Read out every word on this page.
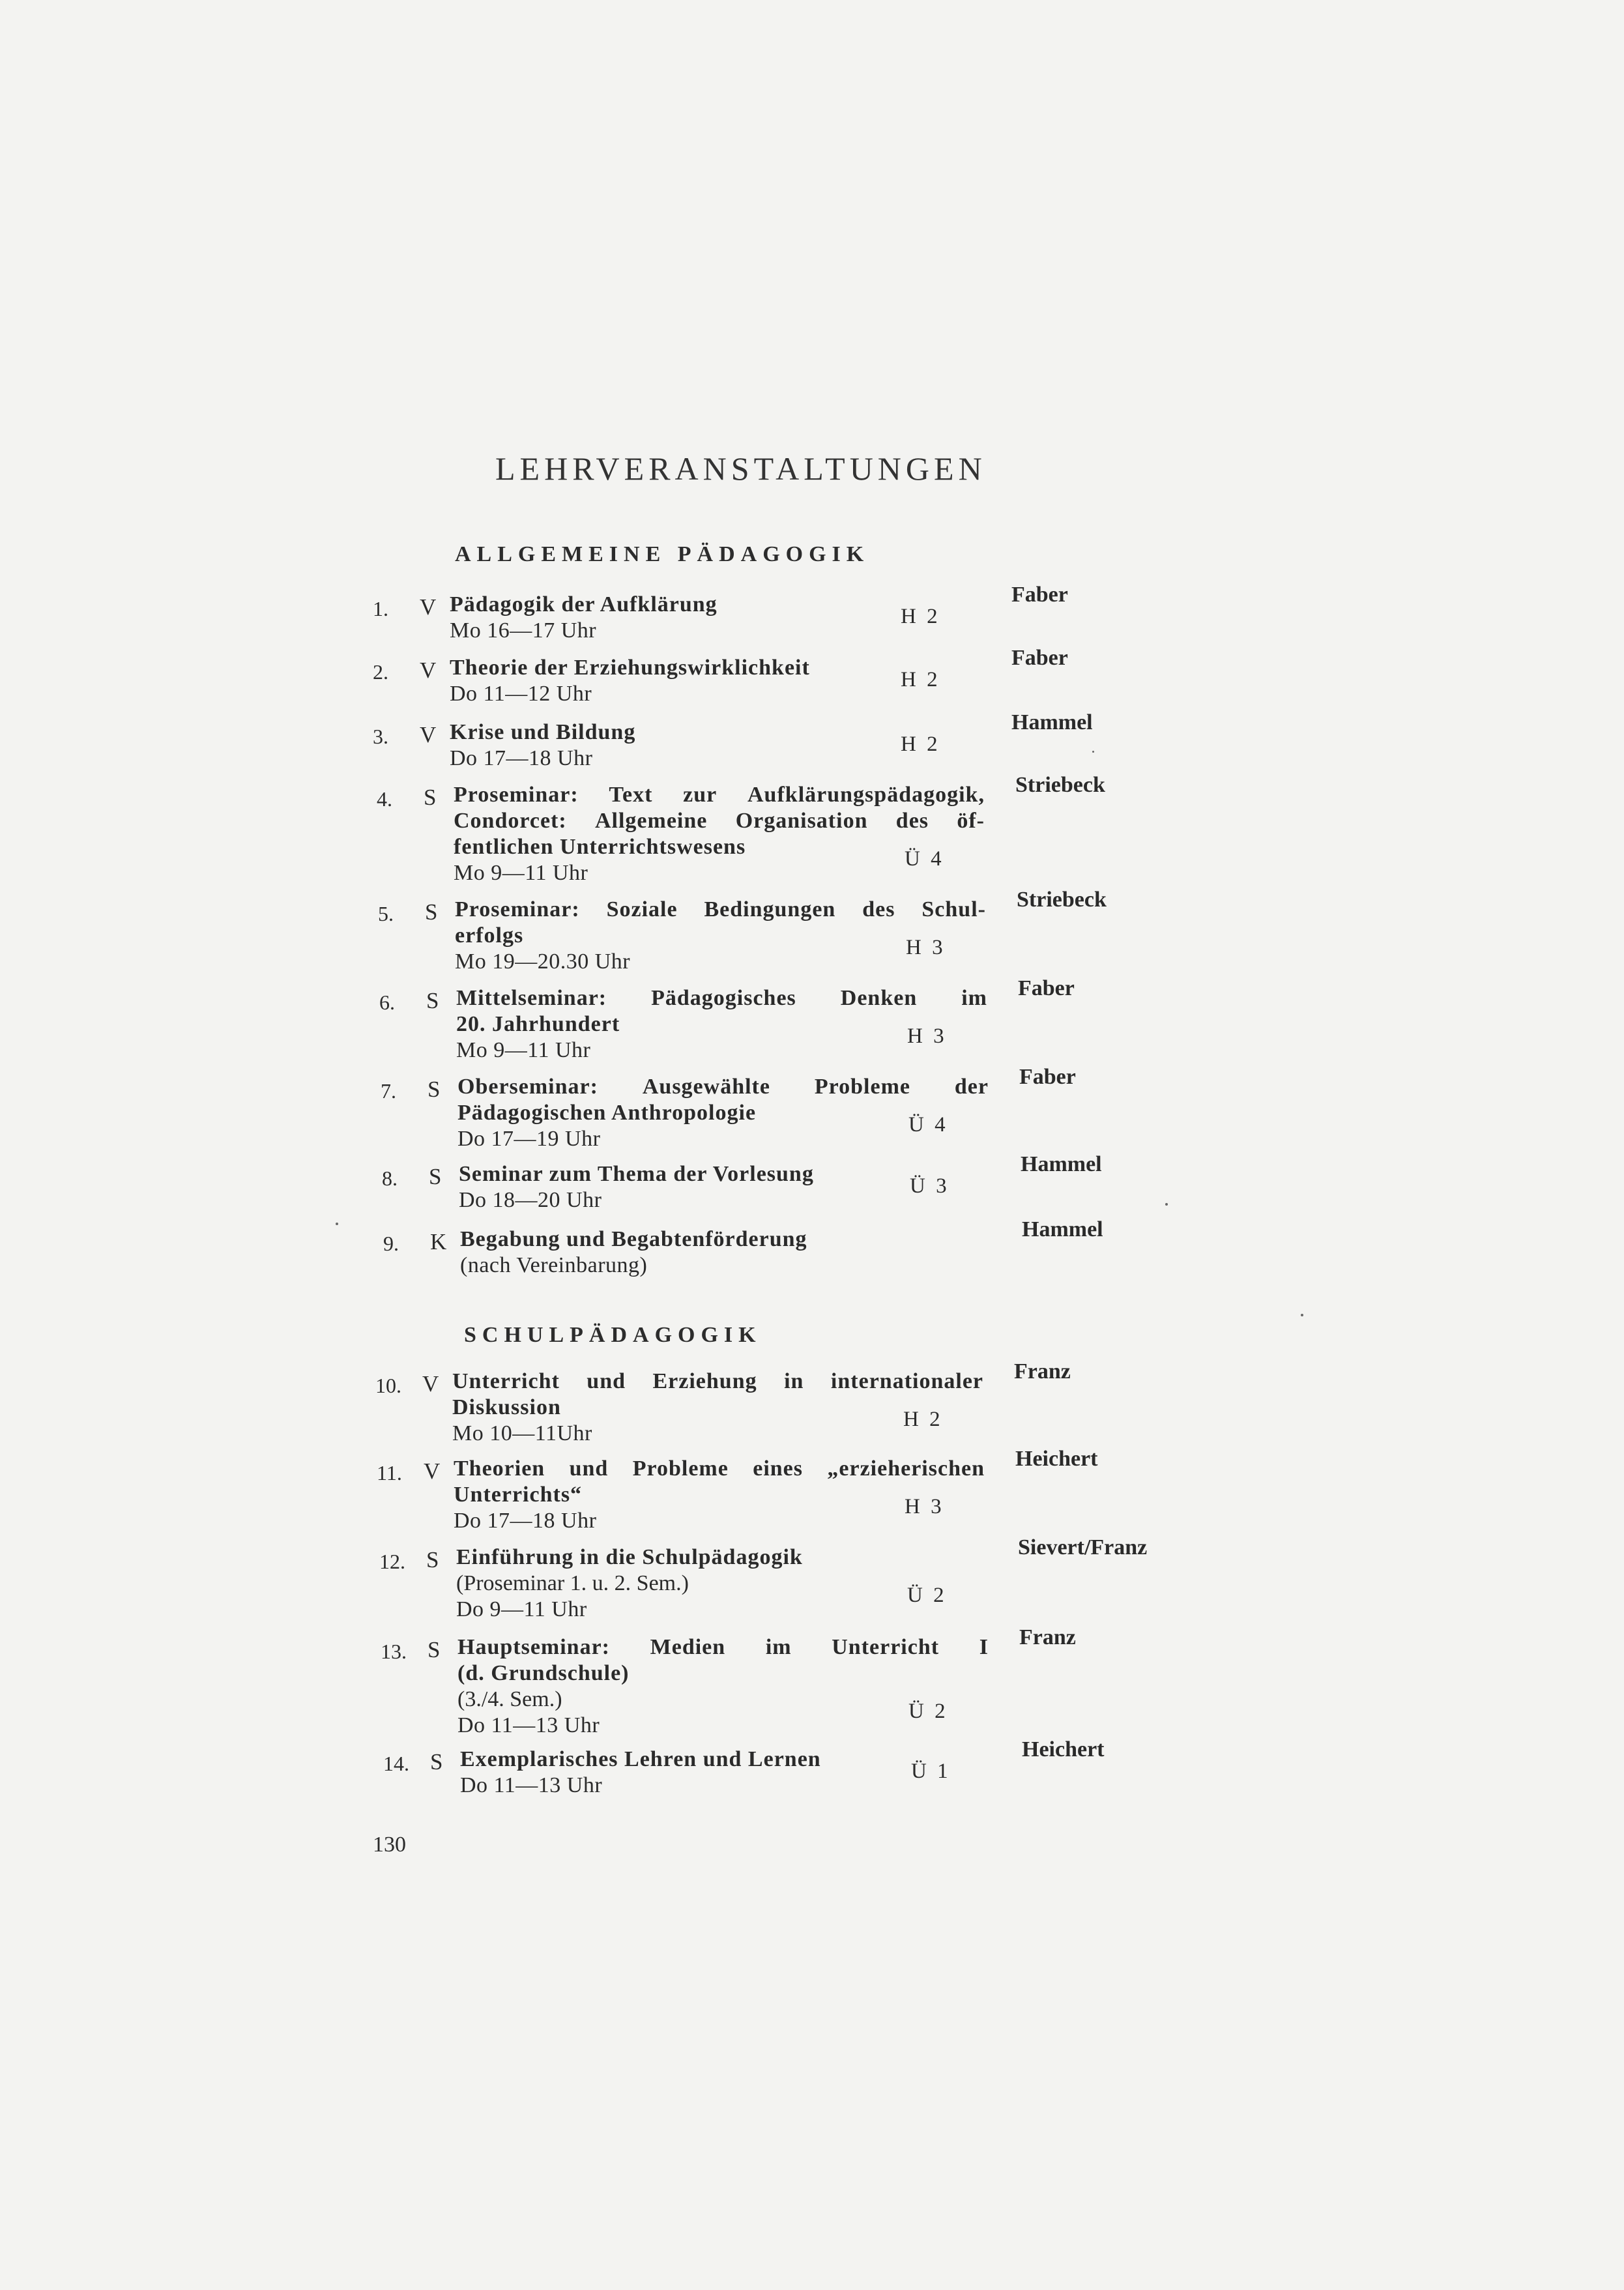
LEHRVERANSTALTUNGEN
ALLGEMEINE PÄDAGOGIK
1. V Pädagogik der Aufklärung
Mo 16—17 Uhr
H 2
Faber
2. V Theorie der Erziehungswirklichkeit
Do 11—12 Uhr
H 2
Faber
3. V Krise und Bildung
Do 17—18 Uhr
H 2
Hammel
4. S Proseminar: Text zur Aufklärungspädagogik,
Condorcet: Allgemeine Organisation des öf-
fentlichen Unterrichtswesens
Mo 9—11 Uhr
Ü 4
Striebeck
5. S Proseminar: Soziale Bedingungen des Schul-
erfolgs
Mo 19—20.30 Uhr
H 3
Striebeck
6. S Mittelseminar: Pädagogisches Denken im
20. Jahrhundert
Mo 9—11 Uhr
H 3
Faber
7. S Oberseminar: Ausgewählte Probleme der
Pädagogischen Anthropologie
Do 17—19 Uhr
Ü 4
Faber
8. S Seminar zum Thema der Vorlesung
Do 18—20 Uhr
Ü 3
Hammel
9. K Begabung und Begabtenförderung
(nach Vereinbarung)
Hammel
SCHULPÄDAGOGIK
10. V Unterricht und Erziehung in internationaler
Diskussion
Mo 10—11Uhr
H 2
Franz
11. V Theorien und Probleme eines „erzieherischen
Unterrichts“
Do 17—18 Uhr
H 3
Heichert
12. S Einführung in die Schulpädagogik
(Proseminar 1. u. 2. Sem.)
Do 9—11 Uhr
Ü 2
Sievert/Franz
13. S Hauptseminar: Medien im Unterricht I
(d. Grundschule)
(3./4. Sem.)
Do 11—13 Uhr
Ü 2
Franz
14. S Exemplarisches Lehren und Lernen
Do 11—13 Uhr
Ü 1
Heichert

130
